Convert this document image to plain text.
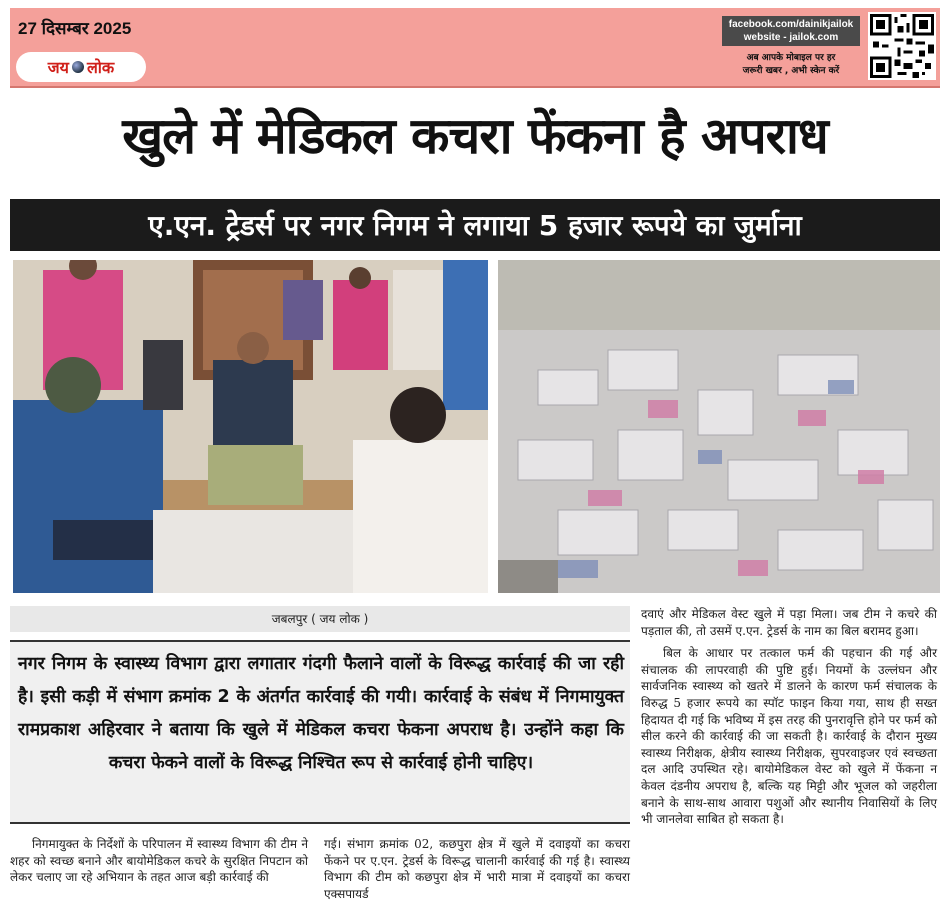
27 दिसम्बर 2025
जय लोक
facebook.com/dainikjailok
website - jailok.com
अब आपके मोबाइल पर हर
जरूरी खबर , अभी स्केन करें
खुले में मेडिकल कचरा फेंकना है अपराध
ए.एन. ट्रेडर्स पर नगर निगम ने लगाया 5 हजार रूपये का जुर्माना
जबलपुर ( जय लोक )
नगर निगम के स्वास्थ्य विभाग द्वारा लगातार गंदगी फैलाने वालों के विरूद्ध कार्रवाई की जा रही है। इसी कड़ी में संभाग क्रमांक 2 के अंतर्गत कार्रवाई की गयी। कार्रवाई के संबंध में निगमायुक्त रामप्रकाश अहिरवार ने बताया कि खुले में मेडिकल कचरा फेकना अपराध है। उन्होंने कहा कि कचरा फेकने वालों के विरूद्ध निश्चित रूप से कार्रवाई होनी चाहिए।

निगमायुक्त के निर्देशों के परिपालन में स्वास्थ्य विभाग की टीम ने शहर को स्वच्छ बनाने और बायोमेडिकल कचरे के सुरक्षित निपटान को लेकर चलाए जा रहे अभियान के तहत आज बड़ी कार्रवाई की

गई। संभाग क्रमांक 02, कछपुरा क्षेत्र में खुले में दवाइयों का कचरा फेंकने पर ए.एन. ट्रेडर्स के विरूद्ध चालानी कार्रवाई की गई है। स्वास्थ्य विभाग की टीम को कछपुरा क्षेत्र में भारी मात्रा में दवाइयों का कचरा एक्सपायर्ड

दवाएं और मेडिकल वेस्ट खुले में पड़ा मिला। जब टीम ने कचरे की पड़ताल की, तो उसमें ए.एन. ट्रेडर्स के नाम का बिल बरामद हुआ।

बिल के आधार पर तत्काल फर्म की पहचान की गई और संचालक की लापरवाही की पुष्टि हुई। नियमों के उल्लंघन और सार्वजनिक स्वास्थ्य को खतरे में डालने के कारण फर्म संचालक के विरुद्ध 5 हजार रूपये का स्पॉट फाइन किया गया, साथ ही सख्त हिदायत दी गई कि भविष्य में इस तरह की पुनरावृत्ति होने पर फर्म को सील करने की कार्रवाई की जा सकती है। कार्रवाई के दौरान मुख्य स्वास्थ्य निरीक्षक, क्षेत्रीय स्वास्थ्य निरीक्षक, सुपरवाइजर एवं स्वच्छता दल आदि उपस्थित रहे। बायोमेडिकल वेस्ट को खुले में फेंकना न केवल दंडनीय अपराध है, बल्कि यह मिट्टी और भूजल को जहरीला बनाने के साथ-साथ आवारा पशुओं और स्थानीय निवासियों के लिए भी जानलेवा साबित हो सकता है।
